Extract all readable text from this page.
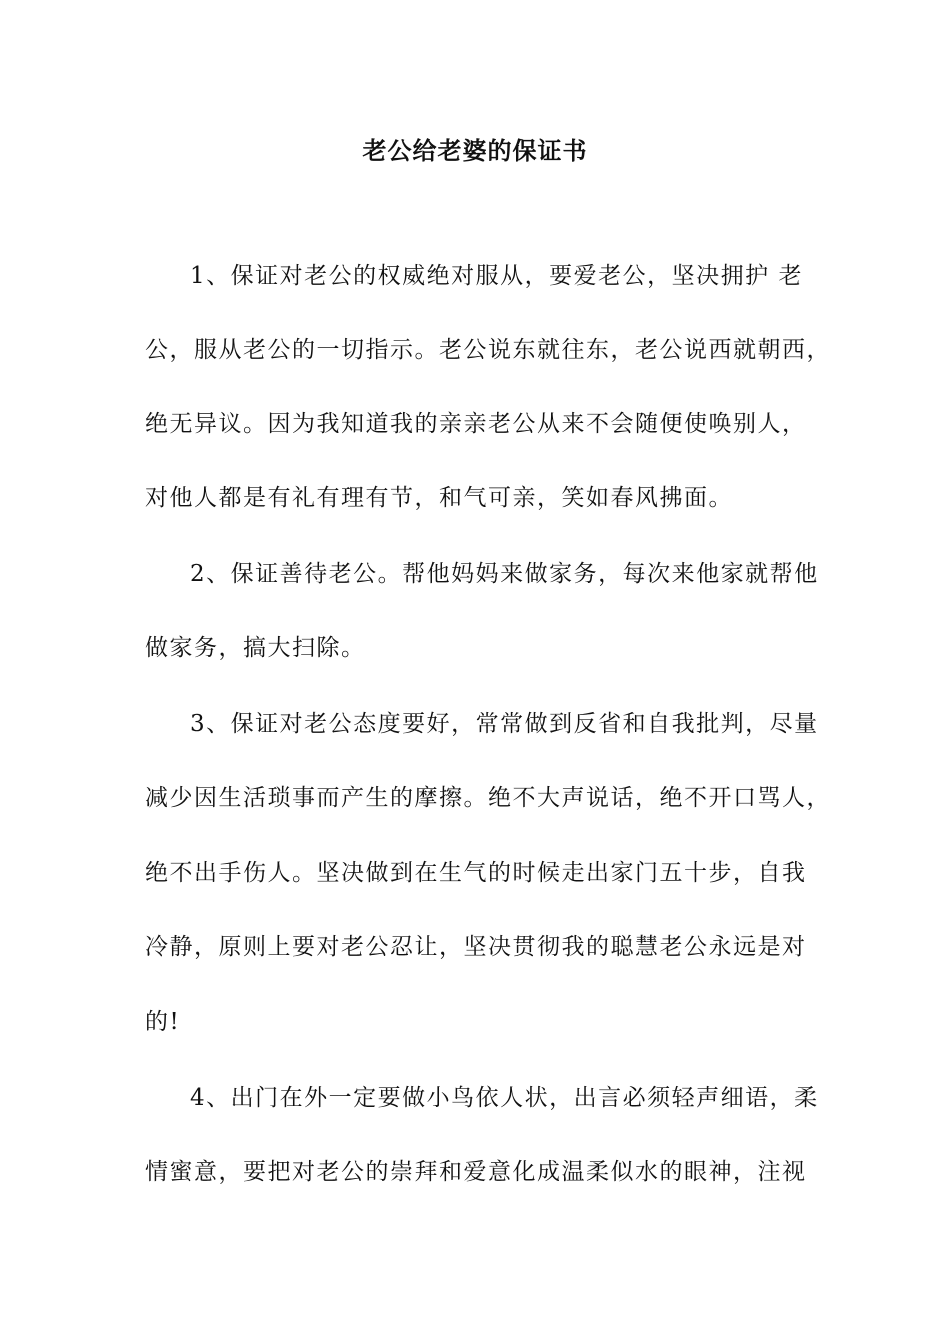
老公给老婆的保证书
1、保证对老公的权威绝对服从，要爱老公，坚决拥护 老
公，服从老公的一切指示。老公说东就往东，老公说西就朝西，
绝无异议。因为我知道我的亲亲老公从来不会随便使唤别人，
对他人都是有礼有理有节，和气可亲，笑如春风拂面。
2、保证善待老公。帮他妈妈来做家务，每次来他家就帮他
做家务，搞大扫除。
3、保证对老公态度要好，常常做到反省和自我批判，尽量
减少因生活琐事而产生的摩擦。绝不大声说话，绝不开口骂人，
绝不出手伤人。坚决做到在生气的时候走出家门五十步，自我
冷静，原则上要对老公忍让，坚决贯彻我的聪慧老公永远是对
的!
4、出门在外一定要做小鸟依人状，出言必须轻声细语，柔
情蜜意，要把对老公的崇拜和爱意化成温柔似水的眼神，注视
